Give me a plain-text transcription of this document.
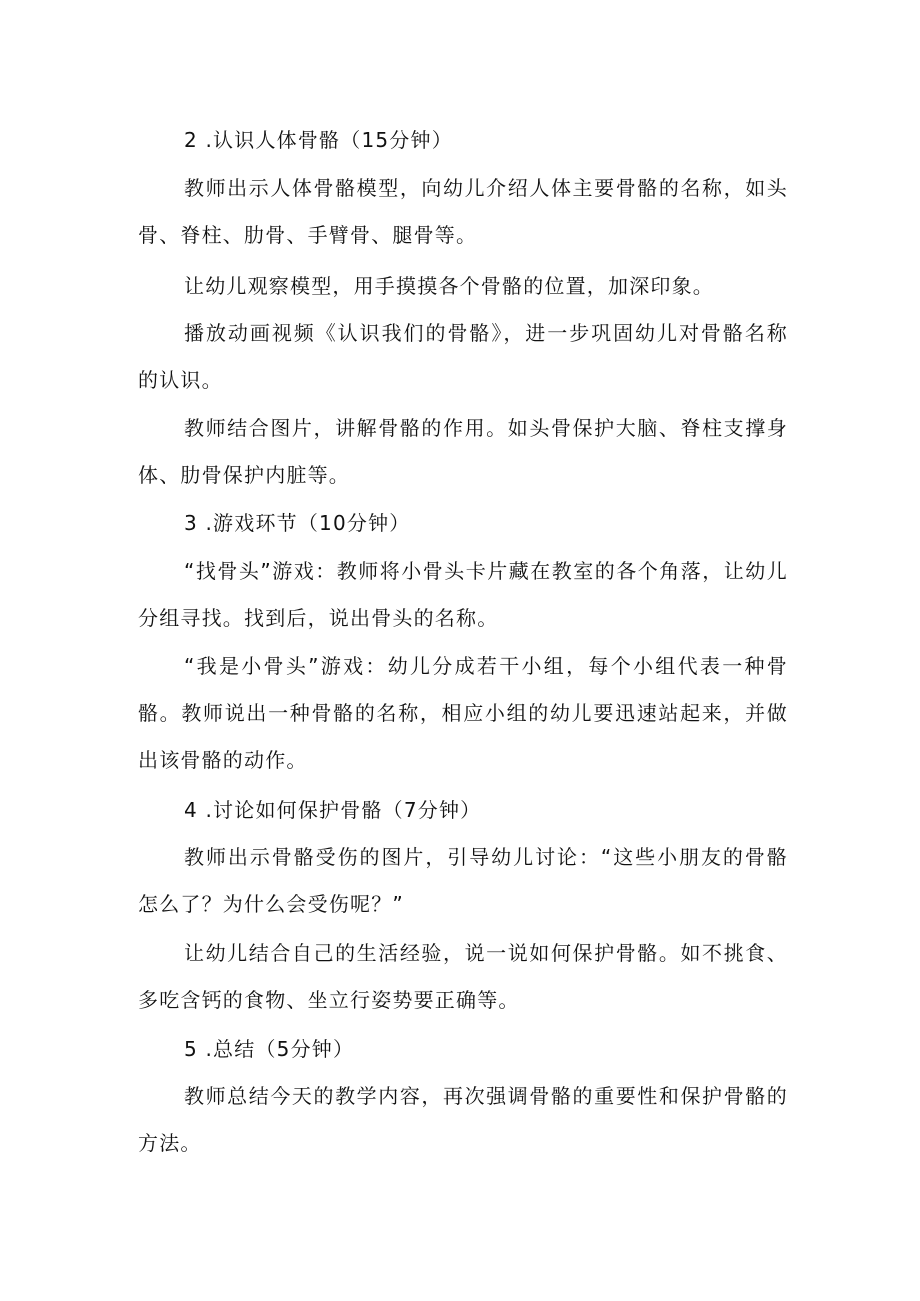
2 .认识人体骨骼（15分钟）

教师出示人体骨骼模型，向幼儿介绍人体主要骨骼的名称，如头骨、脊柱、肋骨、手臂骨、腿骨等。

让幼儿观察模型，用手摸摸各个骨骼的位置，加深印象。

播放动画视频《认识我们的骨骼》，进一步巩固幼儿对骨骼名称的认识。

教师结合图片，讲解骨骼的作用。如头骨保护大脑、脊柱支撑身体、肋骨保护内脏等。

3 .游戏环节（10分钟）

“找骨头”游戏：教师将小骨头卡片藏在教室的各个角落，让幼儿分组寻找。找到后，说出骨头的名称。

“我是小骨头”游戏：幼儿分成若干小组，每个小组代表一种骨骼。教师说出一种骨骼的名称，相应小组的幼儿要迅速站起来，并做出该骨骼的动作。

4 .讨论如何保护骨骼（7分钟）

教师出示骨骼受伤的图片，引导幼儿讨论：“这些小朋友的骨骼怎么了？为什么会受伤呢？”

让幼儿结合自己的生活经验，说一说如何保护骨骼。如不挑食、多吃含钙的食物、坐立行姿势要正确等。

5 .总结（5分钟）

教师总结今天的教学内容，再次强调骨骼的重要性和保护骨骼的方法。
